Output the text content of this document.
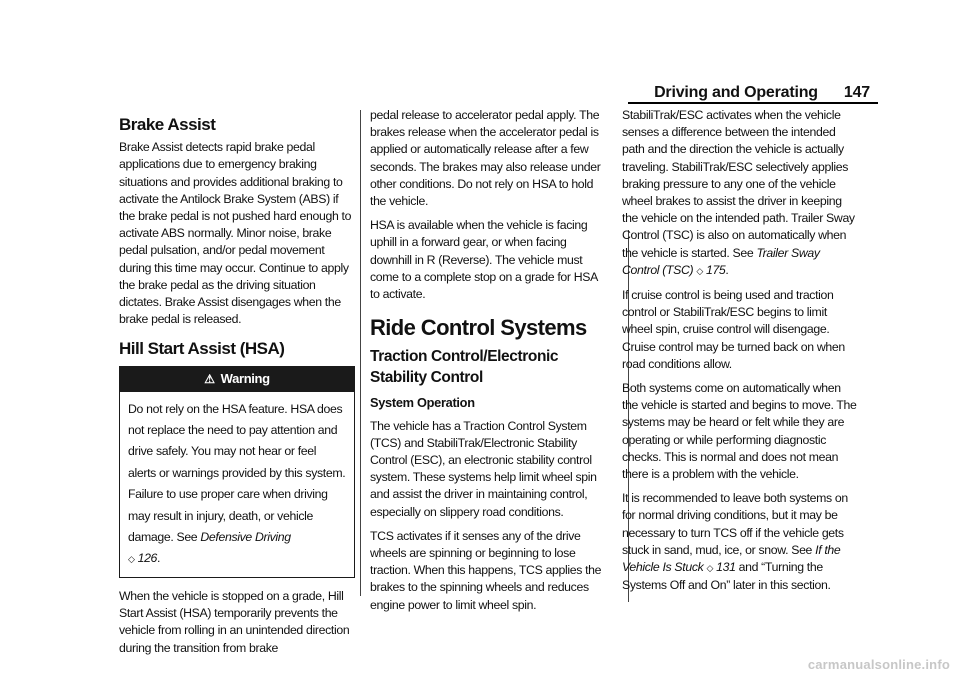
Driving and Operating 147
Brake Assist

Brake Assist detects rapid brake pedal applications due to emergency braking situations and provides additional braking to activate the Antilock Brake System (ABS) if the brake pedal is not pushed hard enough to activate ABS normally. Minor noise, brake pedal pulsation, and/or pedal movement during this time may occur. Continue to apply the brake pedal as the driving situation dictates. Brake Assist disengages when the brake pedal is released.

Hill Start Assist (HSA)
⚠ Warning
Do not rely on the HSA feature. HSA does not replace the need to pay attention and drive safely. You may not hear or feel alerts or warnings provided by this system. Failure to use proper care when driving may result in injury, death, or vehicle damage. See Defensive Driving
◇ 126.

When the vehicle is stopped on a grade, Hill Start Assist (HSA) temporarily prevents the vehicle from rolling in an unintended direction during the transition from brake

pedal release to accelerator pedal apply. The brakes release when the accelerator pedal is applied or automatically release after a few seconds. The brakes may also release under other conditions. Do not rely on HSA to hold the vehicle.

HSA is available when the vehicle is facing uphill in a forward gear, or when facing downhill in R (Reverse). The vehicle must come to a complete stop on a grade for HSA to activate.

Ride Control Systems
Traction Control/Electronic Stability Control
System Operation

The vehicle has a Traction Control System (TCS) and StabiliTrak/Electronic Stability Control (ESC), an electronic stability control system. These systems help limit wheel spin and assist the driver in maintaining control, especially on slippery road conditions.

TCS activates if it senses any of the drive wheels are spinning or beginning to lose traction. When this happens, TCS applies the brakes to the spinning wheels and reduces engine power to limit wheel spin.

StabiliTrak/ESC activates when the vehicle senses a difference between the intended path and the direction the vehicle is actually traveling. StabiliTrak/ESC selectively applies braking pressure to any one of the vehicle wheel brakes to assist the driver in keeping the vehicle on the intended path. Trailer Sway Control (TSC) is also on automatically when the vehicle is started. See Trailer Sway Control (TSC) ◇ 175.

If cruise control is being used and traction control or StabiliTrak/ESC begins to limit wheel spin, cruise control will disengage. Cruise control may be turned back on when road conditions allow.

Both systems come on automatically when the vehicle is started and begins to move. The systems may be heard or felt while they are operating or while performing diagnostic checks. This is normal and does not mean there is a problem with the vehicle.

It is recommended to leave both systems on for normal driving conditions, but it may be necessary to turn TCS off if the vehicle gets stuck in sand, mud, ice, or snow. See If the Vehicle Is Stuck ◇ 131 and “Turning the Systems Off and On” later in this section.

carmanualsonline.info
